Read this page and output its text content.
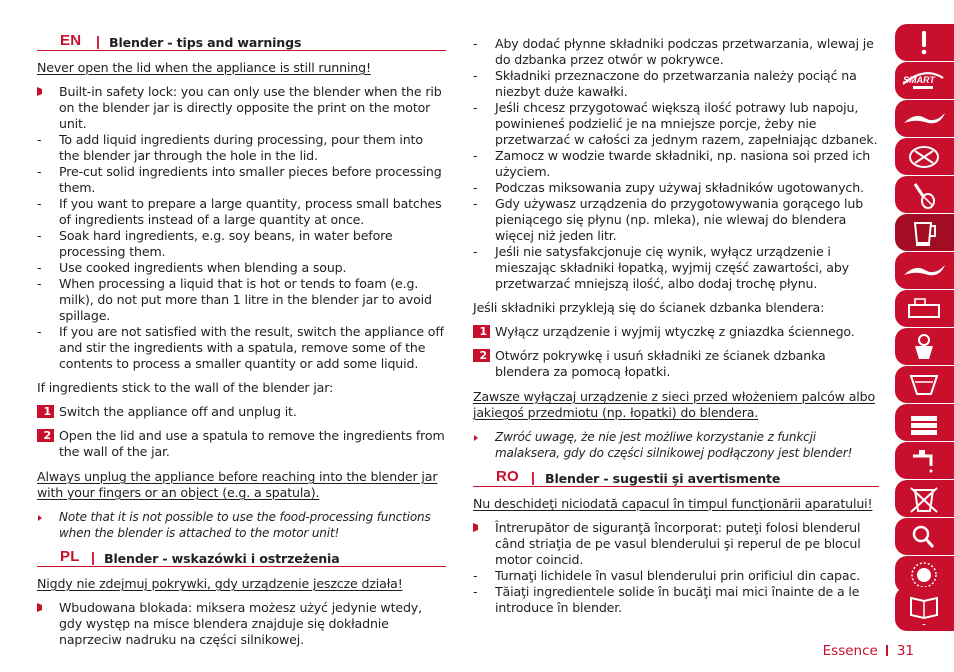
EN | Blender - tips and warnings
Never open the lid when the appliance is still running!
Built-in safety lock: you can only use the blender when the rib on the blender jar is directly opposite the print on the motor unit.
- To add liquid ingredients during processing, pour them into the blender jar through the hole in the lid.
- Pre-cut solid ingredients into smaller pieces before processing them.
- If you want to prepare a large quantity, process small batches of ingredients instead of a large quantity at once.
- Soak hard ingredients, e.g. soy beans, in water before processing them.
- Use cooked ingredients when blending a soup.
- When processing a liquid that is hot or tends to foam (e.g. milk), do not put more than 1 litre in the blender jar to avoid spillage.
- If you are not satisfied with the result, switch the appliance off and stir the ingredients with a spatula, remove some of the contents to process a smaller quantity or add some liquid.
If ingredients stick to the wall of the blender jar:
1 Switch the appliance off and unplug it.
2 Open the lid and use a spatula to remove the ingredients from the wall of the jar.
Always unplug the appliance before reaching into the blender jar with your fingers or an object (e.g. a spatula).
Note that it is not possible to use the food-processing functions when the blender is attached to the motor unit!
PL | Blender - wskazówki i ostrzeżenia
Nigdy nie zdejmuj pokrywki, gdy urządzenie jeszcze działa!
Wbudowana blokada: miksera możesz użyć jedynie wtedy, gdy występ na misce blendera znajduje się dokładnie naprzeciw nadruku na części silnikowej.
- Aby dodać płynne składniki podczas przetwarzania, wlewaj je do dzbanka przez otwór w pokrywce.
- Składniki przeznaczone do przetwarzania należy pociąć na niezbyt duże kawałki.
- Jeśli chcesz przygotować większą ilość potrawy lub napoju, powinieneś podzielić je na mniejsze porcje, żeby nie przetwarzać w całości za jednym razem, zapełniając dzbanek.
- Zamocz w wodzie twarde składniki, np. nasiona soi przed ich użyciem.
- Podczas miksowania zupy używaj składników ugotowanych.
- Gdy używasz urządzenia do przygotowywania gorącego lub pieniącego się płynu (np. mleka), nie wlewaj do blendera więcej niż jeden litr.
- Jeśli nie satysfakcjonuje cię wynik, wyłącz urządzenie i mieszając składniki łopatką, wyjmij część zawartości, aby przetwarzać mniejszą ilość, albo dodaj trochę płynu.
Jeśli składniki przykleją się do ścianek dzbanka blendera:
1 Wyłącz urządzenie i wyjmij wtyczkę z gniazdka ściennego.
2 Otwórz pokrywkę i usuń składniki ze ścianek dzbanka blendera za pomocą łopatki.
Zawsze wyłączaj urządzenie z sieci przed włożeniem palców albo jakiegoś przedmiotu (np. łopatki) do blendera.
Zwróć uwagę, że nie jest możliwe korzystanie z funkcji malaksera, gdy do części silnikowej podłączony jest blender!
RO | Blender - sugestii şi avertismente
Nu deschideţi niciodată capacul în timpul funcţionării aparatului!
Întrerupător de siguranţă încorporat: puteţi folosi blenderul când striaţia de pe vasul blenderului şi reperul de pe blocul motor coincid.
- Turnaţi lichidele în vasul blenderului prin orificiul din capac.
- Tăiaţi ingredientele solide în bucăţi mai mici înainte de a le introduce în blender.
SMART
Essence 31
